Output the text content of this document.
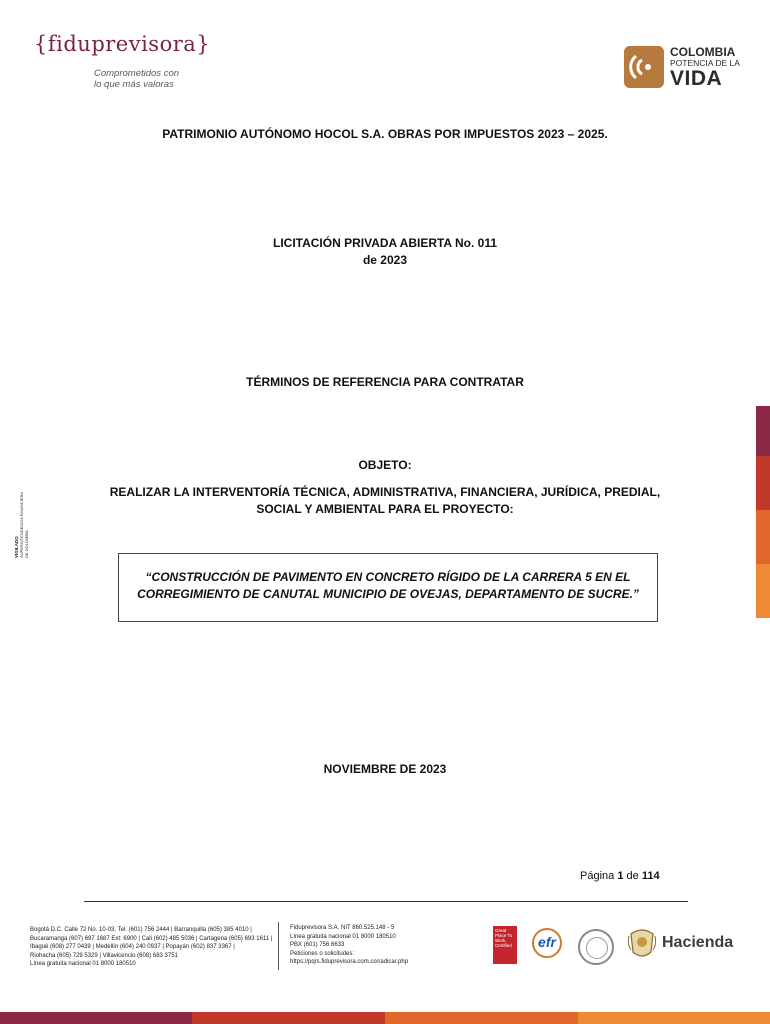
{fiduprevisora}
Comprometidos con
lo que más valoras
COLOMBIA
POTENCIA DE LA
VIDA
PATRIMONIO AUTÓNOMO HOCOL S.A. OBRAS POR IMPUESTOS 2023 – 2025.
LICITACIÓN PRIVADA ABIERTA No. 011
de 2023
TÉRMINOS DE REFERENCIA PARA CONTRATAR
OBJETO:
REALIZAR LA INTERVENTORÍA TÉCNICA, ADMINISTRATIVA, FINANCIERA, JURÍDICA, PREDIAL,
SOCIAL Y AMBIENTAL PARA EL PROYECTO:
“CONSTRUCCIÓN DE PAVIMENTO EN CONCRETO RÍGIDO DE LA CARRERA 5 EN EL
CORREGIMIENTO DE CANUTAL MUNICIPIO DE OVEJAS, DEPARTAMENTO DE SUCRE.”
NOVIEMBRE DE 2023
Página 1 de 114
VIGILADO SUPERINTENDENCIA FINANCIERA DE COLOMBIA
Bogotá D.C. Calle 72 No. 10-03, Tel. (601) 756 2444 | Barranquilla (605) 385 4010 |
Bucaramanga (607) 697 1687 Ext: 6900 | Cali (602) 485 5036 | Cartagena (605) 693 1611 |
Ibagué (608) 277 0439 | Medellín (604) 240 0937 | Popayán (602) 837 3367 |
Riohacha (605) 729 5329 | Villavicencio (608) 683 3751
Línea gratuita nacional 01 8000 180510
Fiduprevisora S.A. NIT 860.525.148 - 5
Línea gratuita nacional 01 8000 180510
PBX (601) 756 6633
Peticiones o solicitudes:
https://pqrs.fiduprevisora.com.co/radicar.php
Great Place To Work. Certified	efr	Hacienda
